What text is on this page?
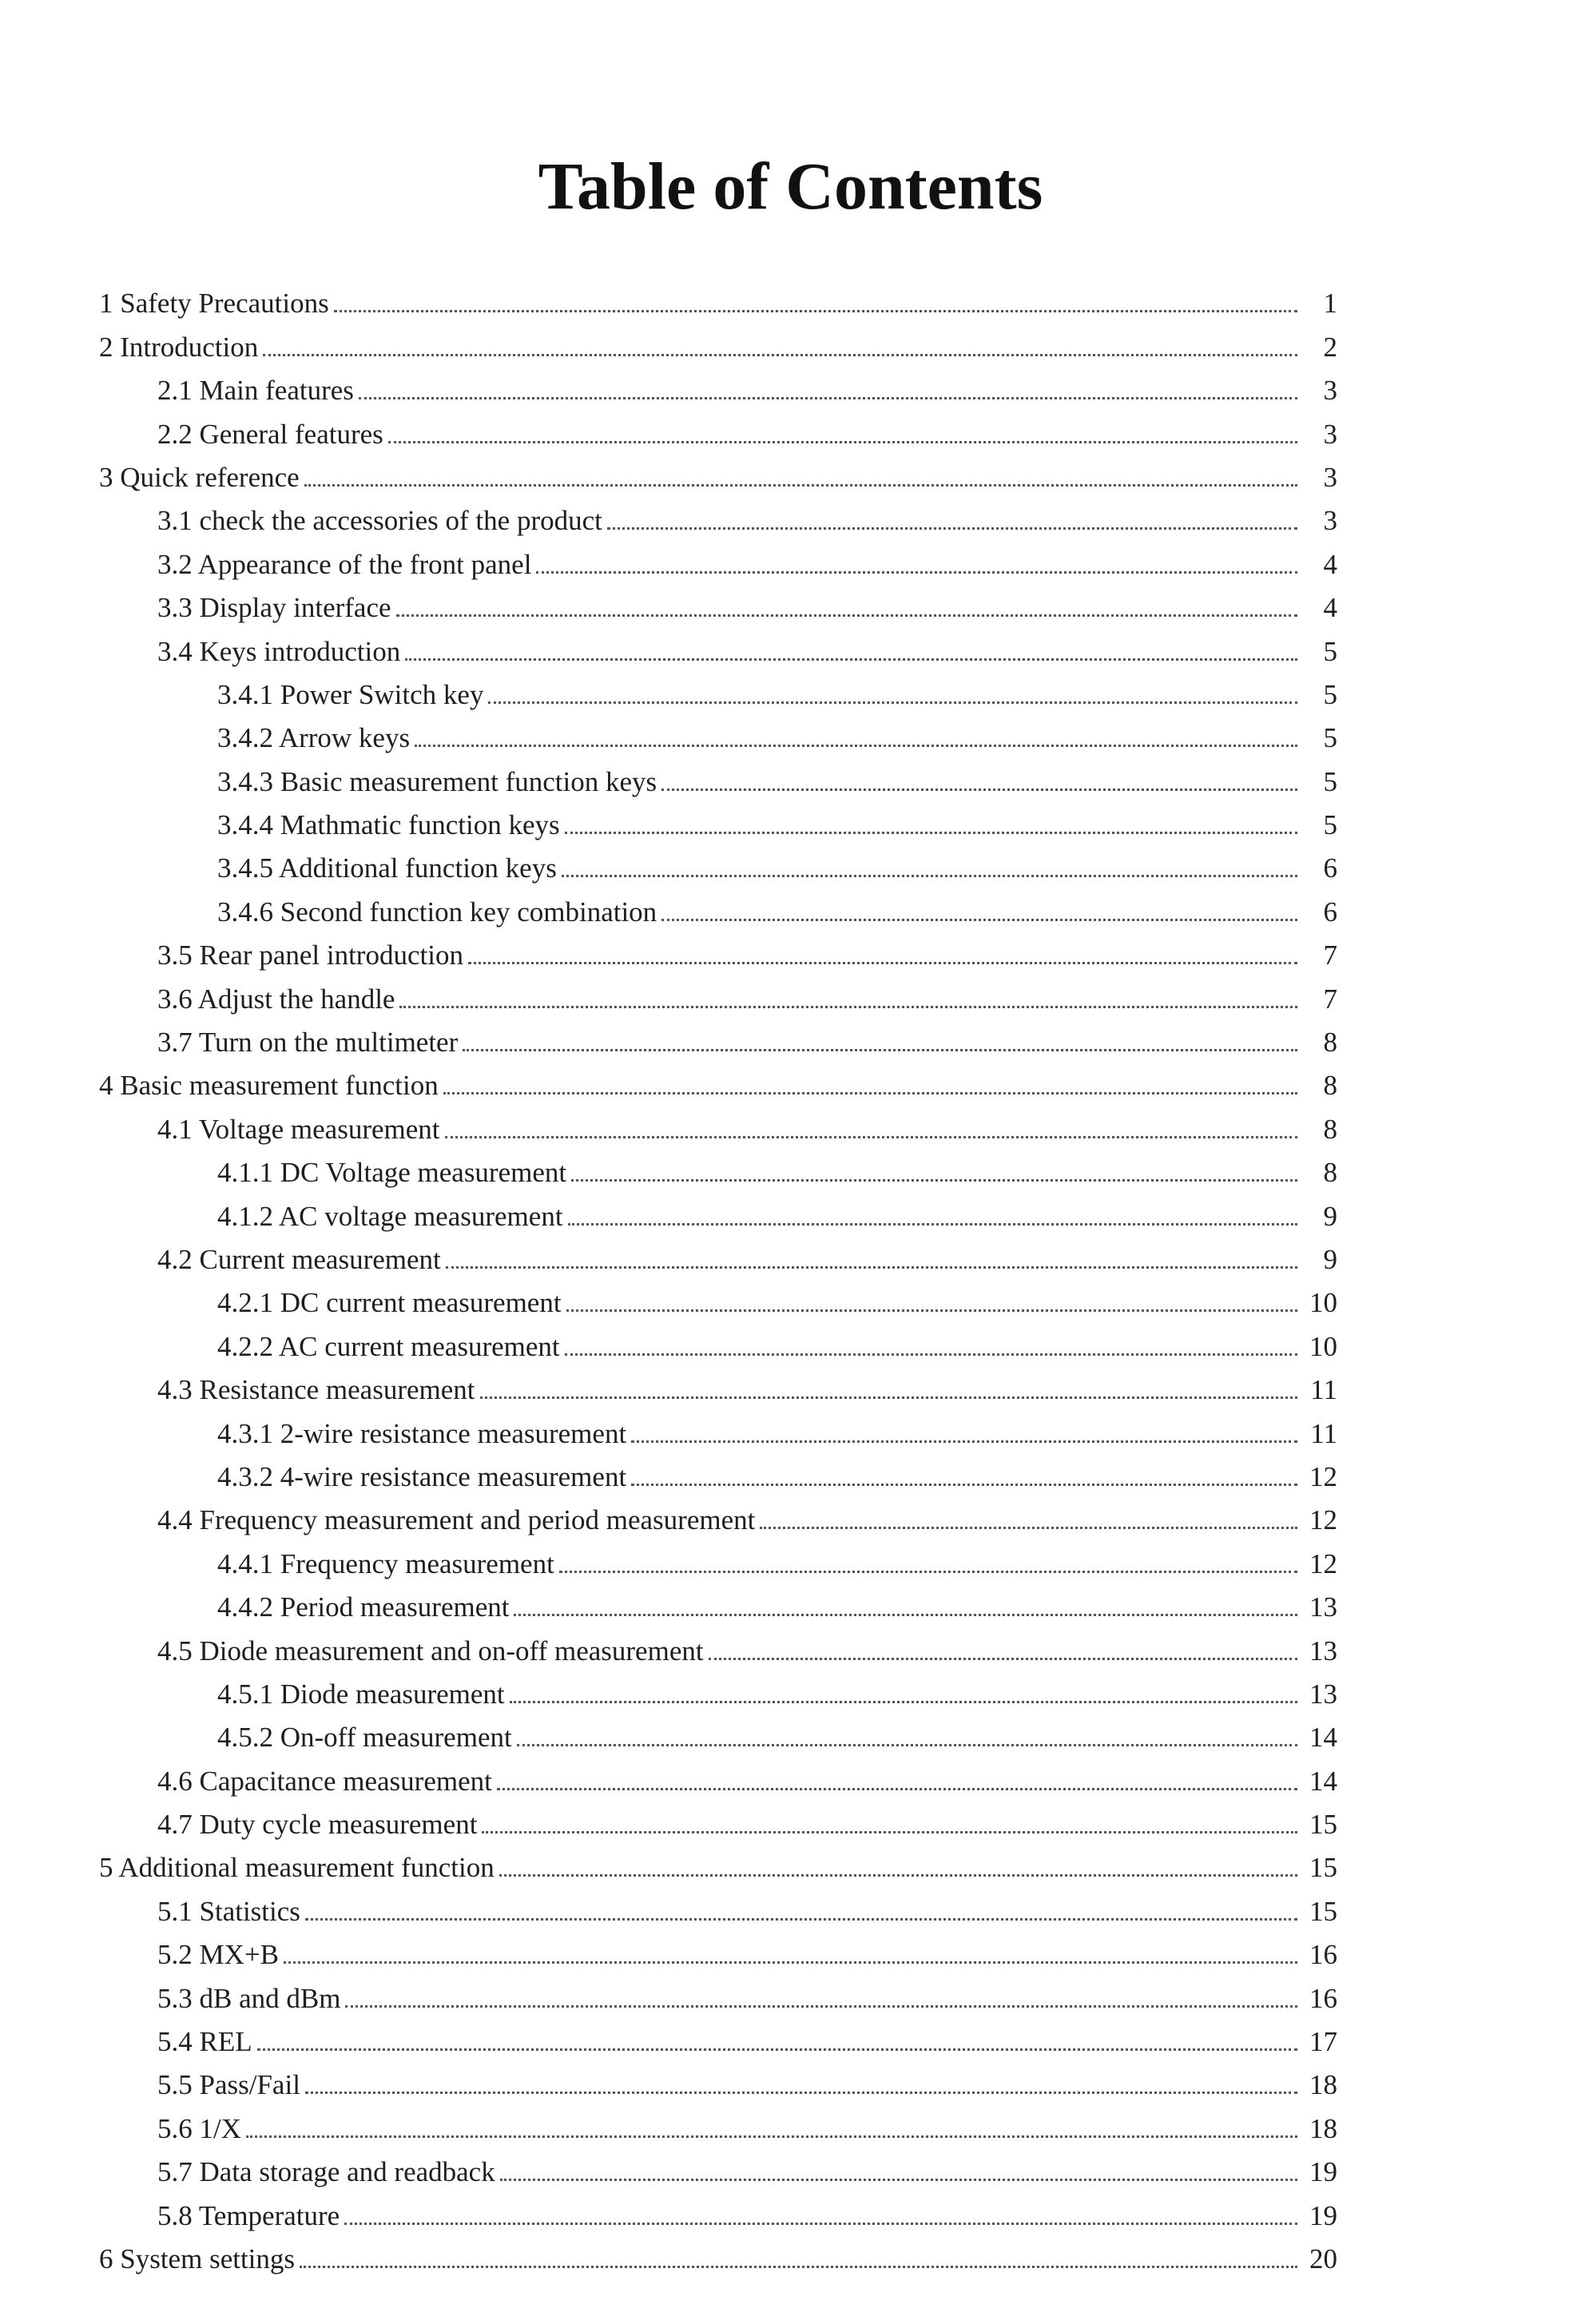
Table of Contents
1 Safety Precautions	1
2 Introduction	2
2.1 Main features	3
2.2 General features	3
3 Quick reference	3
3.1 check the accessories of the product	3
3.2 Appearance of the front panel	4
3.3 Display interface	4
3.4 Keys introduction	5
3.4.1 Power Switch key	5
3.4.2 Arrow keys	5
3.4.3 Basic measurement function keys	5
3.4.4 Mathmatic function keys	5
3.4.5 Additional function keys	6
3.4.6 Second function key combination	6
3.5 Rear panel introduction	7
3.6 Adjust the handle	7
3.7 Turn on the multimeter	8
4 Basic measurement function	8
4.1 Voltage measurement	8
4.1.1 DC Voltage measurement	8
4.1.2 AC voltage measurement	9
4.2 Current measurement	9
4.2.1 DC current measurement	10
4.2.2 AC current measurement	10
4.3 Resistance measurement	11
4.3.1 2-wire resistance measurement	11
4.3.2 4-wire resistance measurement	12
4.4 Frequency measurement and period measurement	12
4.4.1 Frequency measurement	12
4.4.2 Period measurement	13
4.5 Diode measurement and on-off measurement	13
4.5.1 Diode measurement	13
4.5.2 On-off measurement	14
4.6 Capacitance measurement	14
4.7 Duty cycle measurement	15
5 Additional measurement function	15
5.1 Statistics	15
5.2 MX+B	16
5.3 dB and dBm	16
5.4 REL	17
5.5 Pass/Fail	18
5.6 1/X	18
5.7 Data storage and readback	19
5.8 Temperature	19
6 System settings	20
